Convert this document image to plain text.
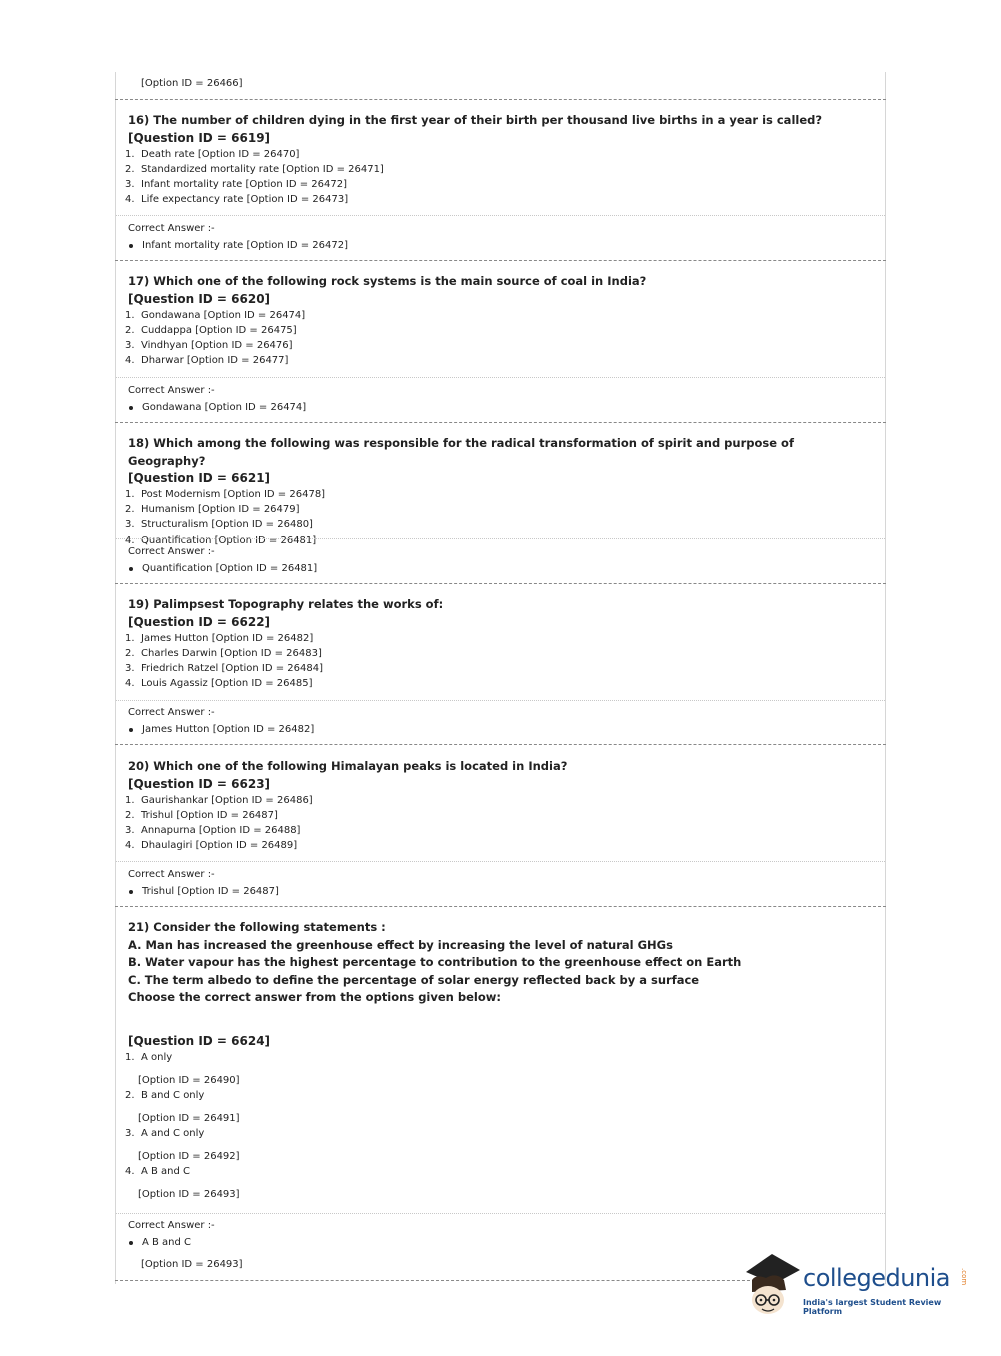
[Option ID = 26466]
16) The number of children dying in the first year of their birth per thousand live births in a year is called?
[Question ID = 6619]
1. Death rate [Option ID = 26470]
2. Standardized mortality rate [Option ID = 26471]
3. Infant mortality rate [Option ID = 26472]
4. Life expectancy rate [Option ID = 26473]
Correct Answer :-
Infant mortality rate [Option ID = 26472]
17) Which one of the following rock systems is the main source of coal in India?
[Question ID = 6620]
1. Gondawana [Option ID = 26474]
2. Cuddappa [Option ID = 26475]
3. Vindhyan [Option ID = 26476]
4. Dharwar [Option ID = 26477]
Correct Answer :-
Gondawana [Option ID = 26474]
18) Which among the following was responsible for the radical transformation of spirit and purpose of Geography?
[Question ID = 6621]
1. Post Modernism [Option ID = 26478]
2. Humanism [Option ID = 26479]
3. Structuralism [Option ID = 26480]
4. Quantification [Option ID = 26481]
Correct Answer :-
Quantification [Option ID = 26481]
19) Palimpsest Topography relates the works of:
[Question ID = 6622]
1. James Hutton [Option ID = 26482]
2. Charles Darwin [Option ID = 26483]
3. Friedrich Ratzel [Option ID = 26484]
4. Louis Agassiz [Option ID = 26485]
Correct Answer :-
James Hutton [Option ID = 26482]
20) Which one of the following Himalayan peaks is located in India?
[Question ID = 6623]
1. Gaurishankar [Option ID = 26486]
2. Trishul [Option ID = 26487]
3. Annapurna [Option ID = 26488]
4. Dhaulagiri [Option ID = 26489]
Correct Answer :-
Trishul [Option ID = 26487]
21) Consider the following statements :
A. Man has increased the greenhouse effect by increasing the level of natural GHGs
B. Water vapour has the highest percentage to contribution to the greenhouse effect on Earth
C. The term albedo to define the percentage of solar energy reflected back by a surface
Choose the correct answer from the options given below:
[Question ID = 6624]
1. A only
[Option ID = 26490]
2. B and C only
[Option ID = 26491]
3. A and C only
[Option ID = 26492]
4. A B and C
[Option ID = 26493]
Correct Answer :-
A B and C
[Option ID = 26493]	collegedunia .com
India's largest Student Review Platform
